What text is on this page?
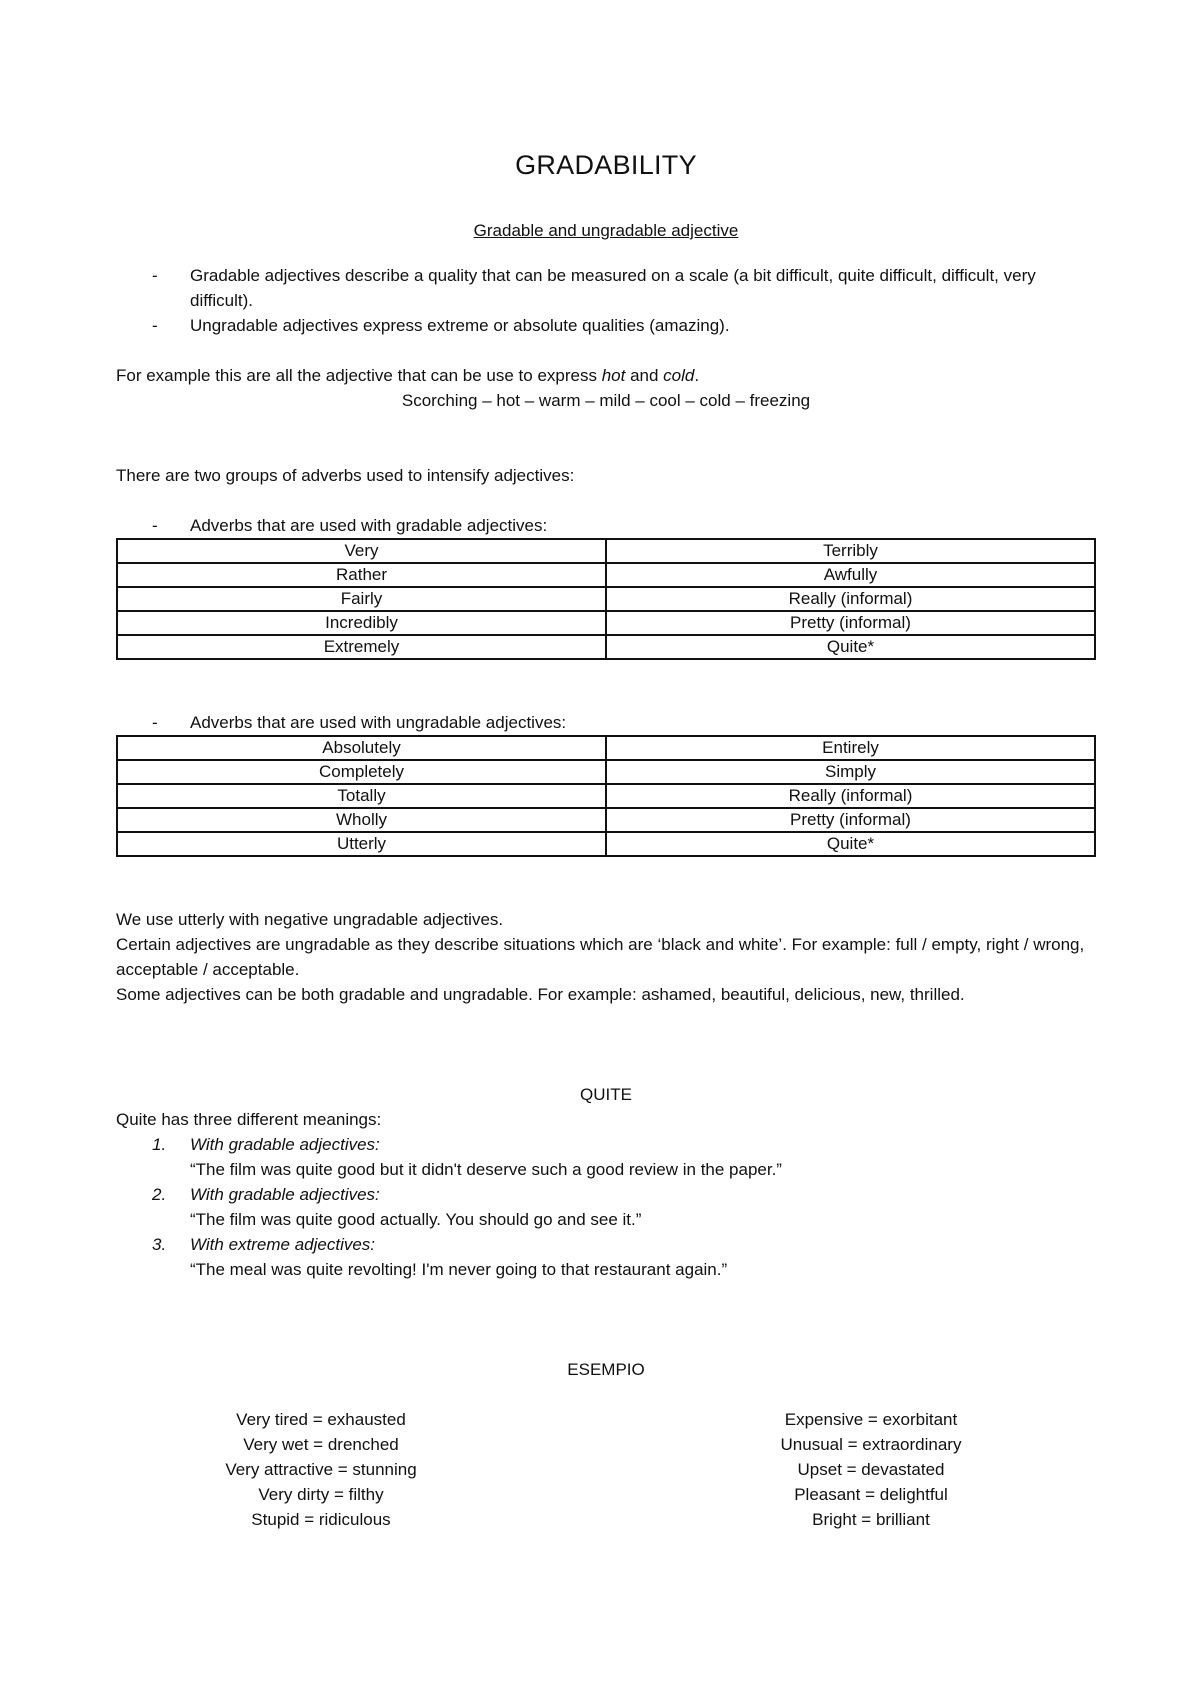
GRADABILITY
Gradable and ungradable adjective
- Gradable adjectives describe a quality that can be measured on a scale (a bit difficult, quite difficult, difficult, very difficult).
- Ungradable adjectives express extreme or absolute qualities (amazing).

For example this are all the adjective that can be use to express hot and cold.

Scorching – hot – warm – mild – cool – cold – freezing

There are two groups of adverbs used to intensify adjectives:

- Adverbs that are used with gradable adjectives:
Very	Terribly
Rather	Awfully
Fairly	Really (informal)
Incredibly	Pretty (informal)
Extremely	Quite*
- Adverbs that are used with ungradable adjectives:
Absolutely	Entirely
Completely	Simply
Totally	Really (informal)
Wholly	Pretty (informal)
Utterly	Quite*

We use utterly with negative ungradable adjectives.

Certain adjectives are ungradable as they describe situations which are ‘black and white’. For example: full / empty, right / wrong, acceptable / acceptable.

Some adjectives can be both gradable and ungradable. For example: ashamed, beautiful, delicious, new, thrilled.

QUITE

Quite has three different meanings:

1. With gradable adjectives:
“The film was quite good but it didn't deserve such a good review in the paper.”
2. With gradable adjectives:
“The film was quite good actually. You should go and see it.”
3. With extreme adjectives:
“The meal was quite revolting! I'm never going to that restaurant again.”

ESEMPIO

Very tired = exhausted
Very wet = drenched
Very attractive = stunning
Very dirty = filthy
Stupid = ridiculous
Expensive = exorbitant
Unusual = extraordinary
Upset = devastated
Pleasant = delightful
Bright = brilliant
